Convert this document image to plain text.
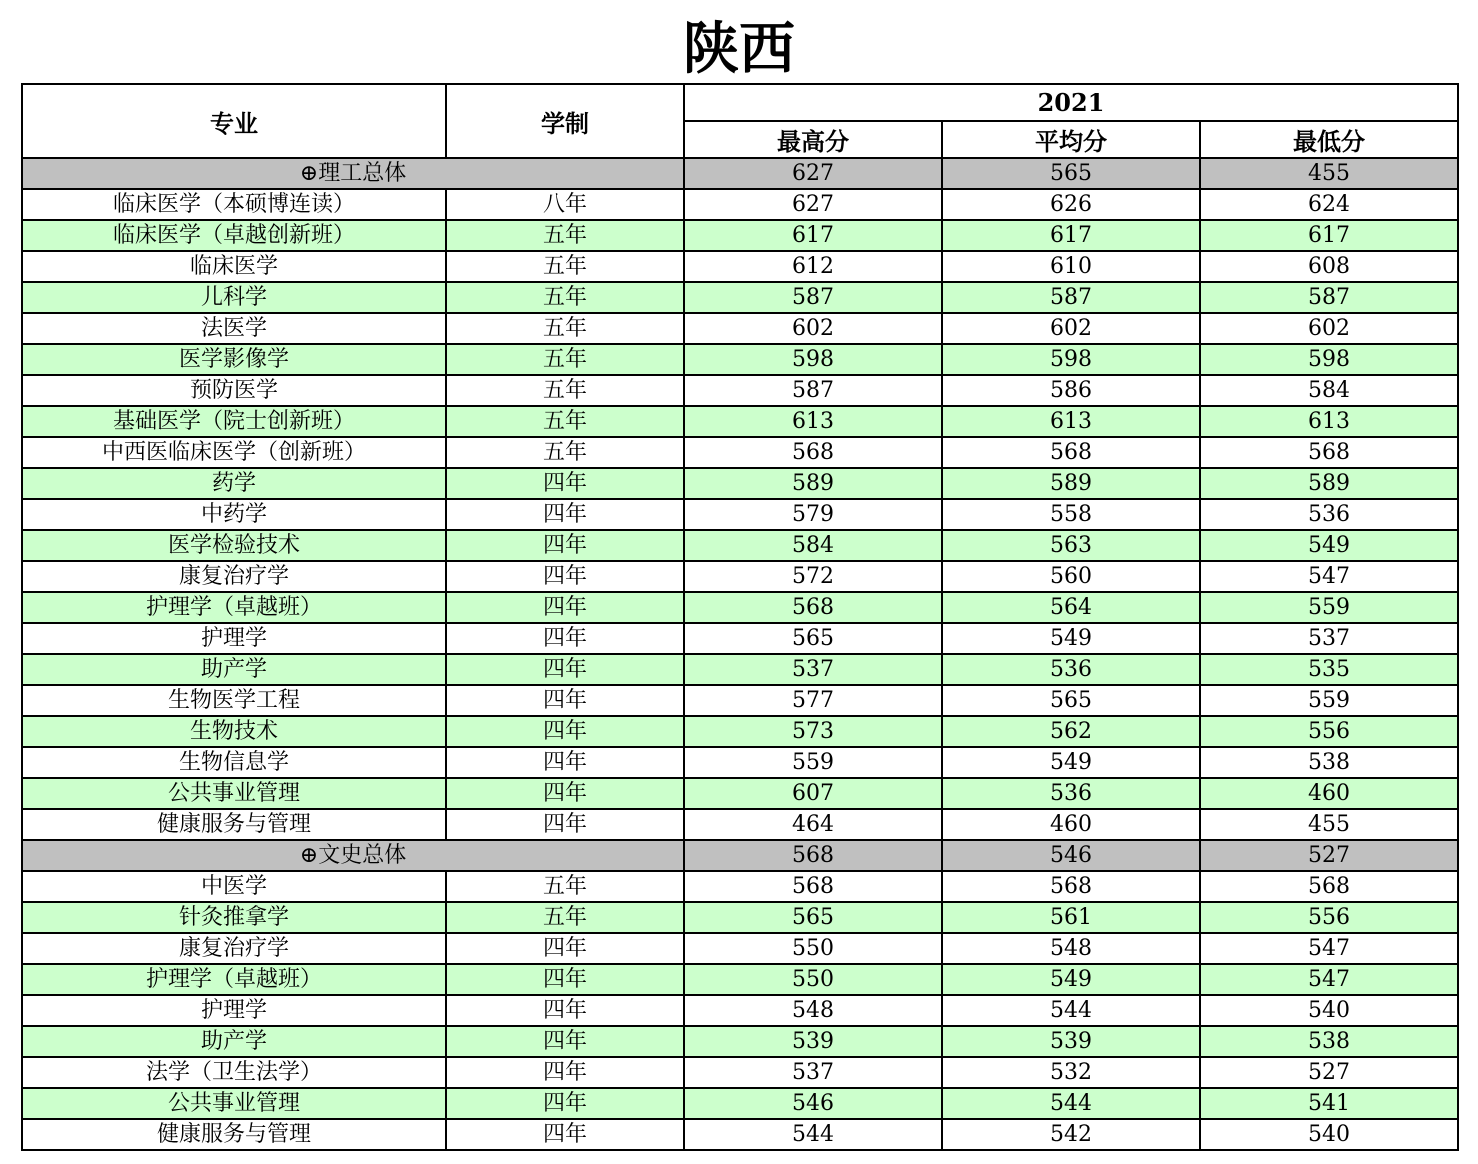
陕西
专业	学制	2021		
		最高分	平均分	最低分
⊕理工总体		627	565	455
临床医学（本硕博连读）	八年	627	626	624
临床医学（卓越创新班）	五年	617	617	617
临床医学	五年	612	610	608
儿科学	五年	587	587	587
法医学	五年	602	602	602
医学影像学	五年	598	598	598
预防医学	五年	587	586	584
基础医学（院士创新班）	五年	613	613	613
中西医临床医学（创新班）	五年	568	568	568
药学	四年	589	589	589
中药学	四年	579	558	536
医学检验技术	四年	584	563	549
康复治疗学	四年	572	560	547
护理学（卓越班）	四年	568	564	559
护理学	四年	565	549	537
助产学	四年	537	536	535
生物医学工程	四年	577	565	559
生物技术	四年	573	562	556
生物信息学	四年	559	549	538
公共事业管理	四年	607	536	460
健康服务与管理	四年	464	460	455
⊕文史总体		568	546	527
中医学	五年	568	568	568
针灸推拿学	五年	565	561	556
康复治疗学	四年	550	548	547
护理学（卓越班）	四年	550	549	547
护理学	四年	548	544	540
助产学	四年	539	539	538
法学（卫生法学）	四年	537	532	527
公共事业管理	四年	546	544	541
健康服务与管理	四年	544	542	540
